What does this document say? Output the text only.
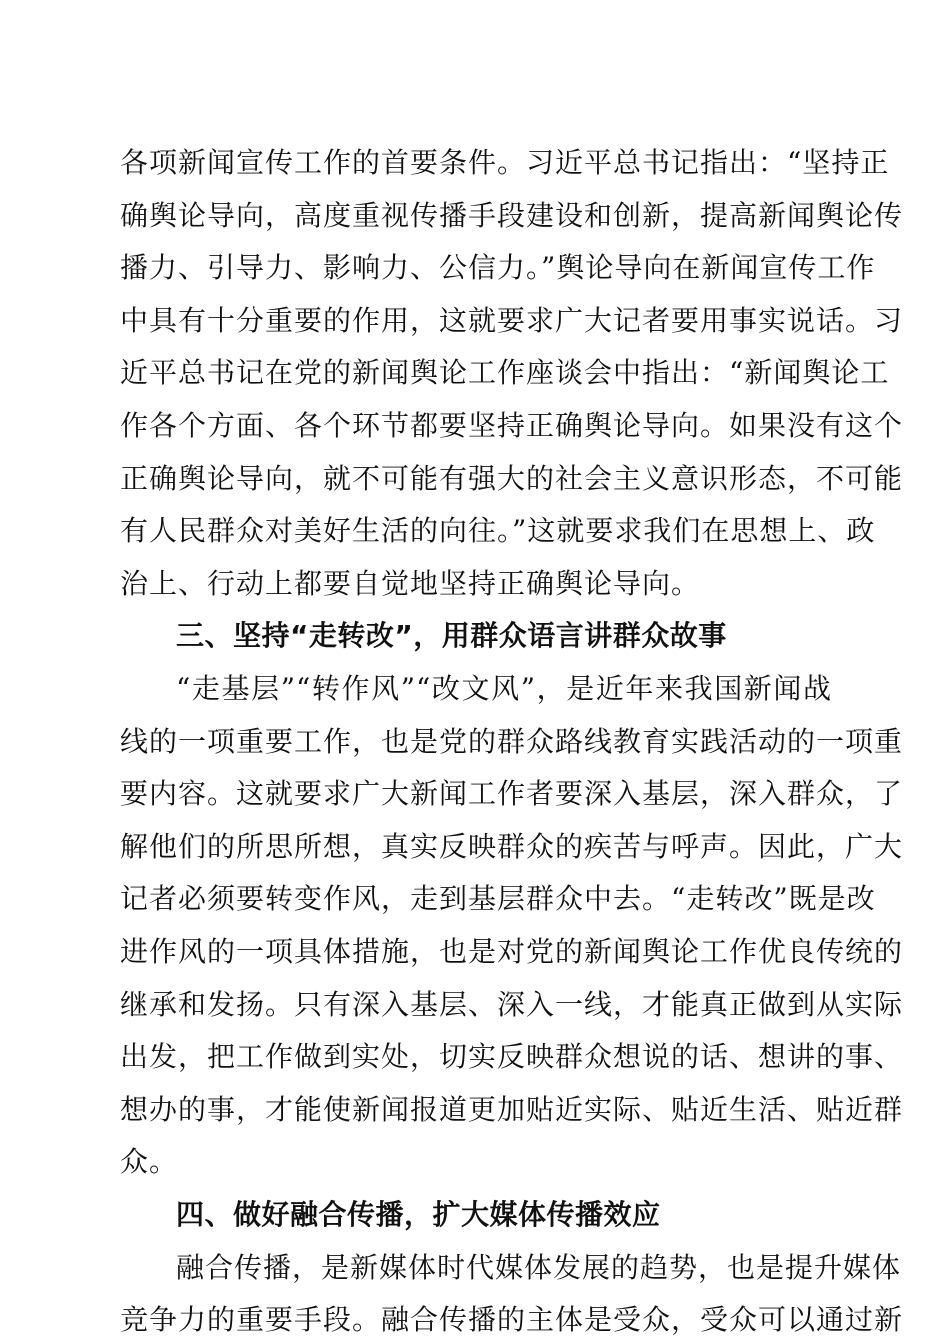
各项新闻宣传工作的首要条件。习近平总书记指出：“坚持正
确舆论导向，高度重视传播手段建设和创新，提高新闻舆论传
播力、引导力、影响力、公信力。”舆论导向在新闻宣传工作
中具有十分重要的作用，这就要求广大记者要用事实说话。习
近平总书记在党的新闻舆论工作座谈会中指出：“新闻舆论工
作各个方面、各个环节都要坚持正确舆论导向。如果没有这个
正确舆论导向，就不可能有强大的社会主义意识形态，不可能
有人民群众对美好生活的向往。”这就要求我们在思想上、政
治上、行动上都要自觉地坚持正确舆论导向。
三、坚持“走转改”，用群众语言讲群众故事
“走基层”“转作风”“改文风”，是近年来我国新闻战
线的一项重要工作，也是党的群众路线教育实践活动的一项重
要内容。这就要求广大新闻工作者要深入基层，深入群众，了
解他们的所思所想，真实反映群众的疾苦与呼声。因此，广大
记者必须要转变作风，走到基层群众中去。“走转改”既是改
进作风的一项具体措施，也是对党的新闻舆论工作优良传统的
继承和发扬。只有深入基层、深入一线，才能真正做到从实际
出发，把工作做到实处，切实反映群众想说的话、想讲的事、
想办的事，才能使新闻报道更加贴近实际、贴近生活、贴近群
众。
四、做好融合传播，扩大媒体传播效应
融合传播，是新媒体时代媒体发展的趋势，也是提升媒体
竞争力的重要手段。融合传播的主体是受众，受众可以通过新
